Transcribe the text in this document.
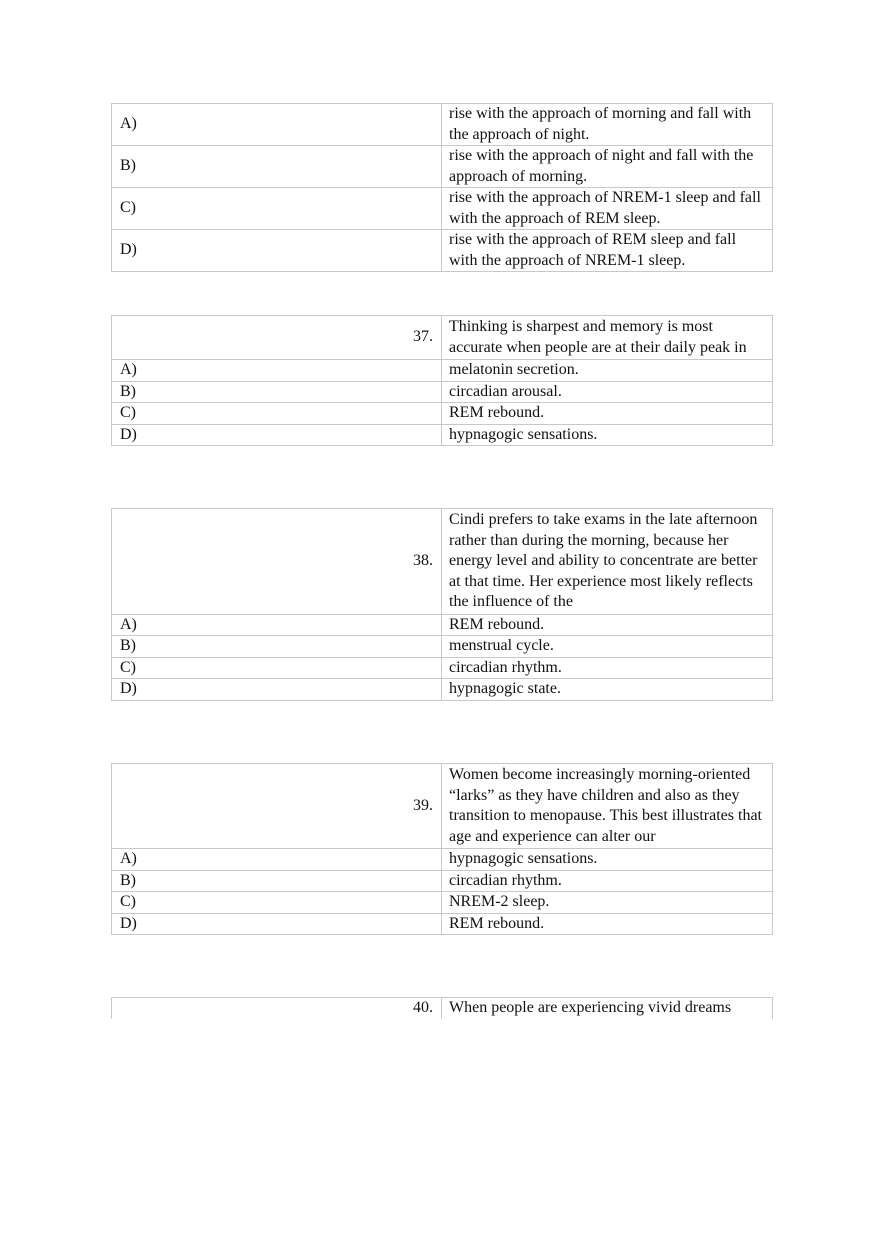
A)	rise with the approach of morning and fall with the approach of night.
B)	rise with the approach of night and fall with the approach of morning.
C)	rise with the approach of NREM-1 sleep and fall with the approach of REM sleep.
D)	rise with the approach of REM sleep and fall with the approach of NREM-1 sleep.
37.	Thinking is sharpest and memory is most accurate when people are at their daily peak in
A)	melatonin secretion.
B)	circadian arousal.
C)	REM rebound.
D)	hypnagogic sensations.
38.	Cindi prefers to take exams in the late afternoon rather than during the morning, because her energy level and ability to concentrate are better at that time. Her experience most likely reflects the influence of the
A)	REM rebound.
B)	menstrual cycle.
C)	circadian rhythm.
D)	hypnagogic state.
39.	Women become increasingly morning-oriented “larks” as they have children and also as they transition to menopause. This best illustrates that age and experience can alter our
A)	hypnagogic sensations.
B)	circadian rhythm.
C)	NREM-2 sleep.
D)	REM rebound.
40.	When people are experiencing vivid dreams
